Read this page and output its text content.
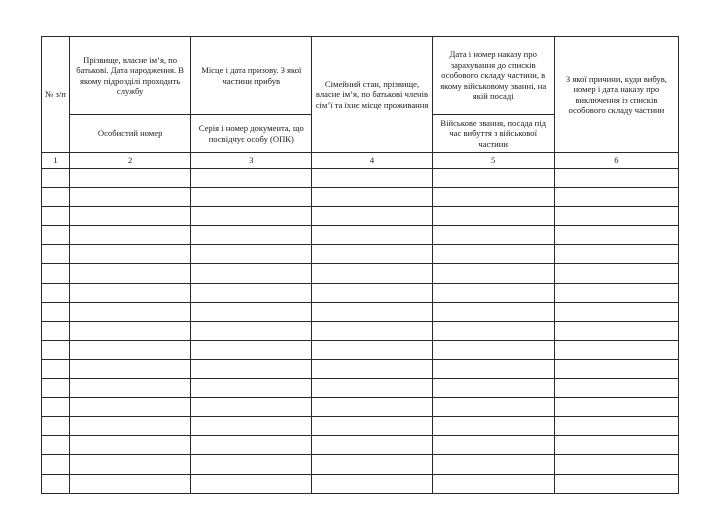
№ з/п	Прізвище, власне ім’я, по батькові. Дата народження. В якому підрозділі проходить службу	Місце і дата призову. З якої частини прибув	Сімейний стан, прізвище, власне ім’я, по батькові членів сім’ї та їхнє місце проживання	Дата і номер наказу про зарахування до списків особового складу частини, в якому військовому званні, на якій посаді	З якої причини, куди вибув, номер і дата наказу про виключення із списків особового складу частини
	Особистий номер	Серія і номер документа, що посвідчує особу (ОПК)		Військове звання, посада під час вибуття з військової частини	
1	2	3	4	5	6
